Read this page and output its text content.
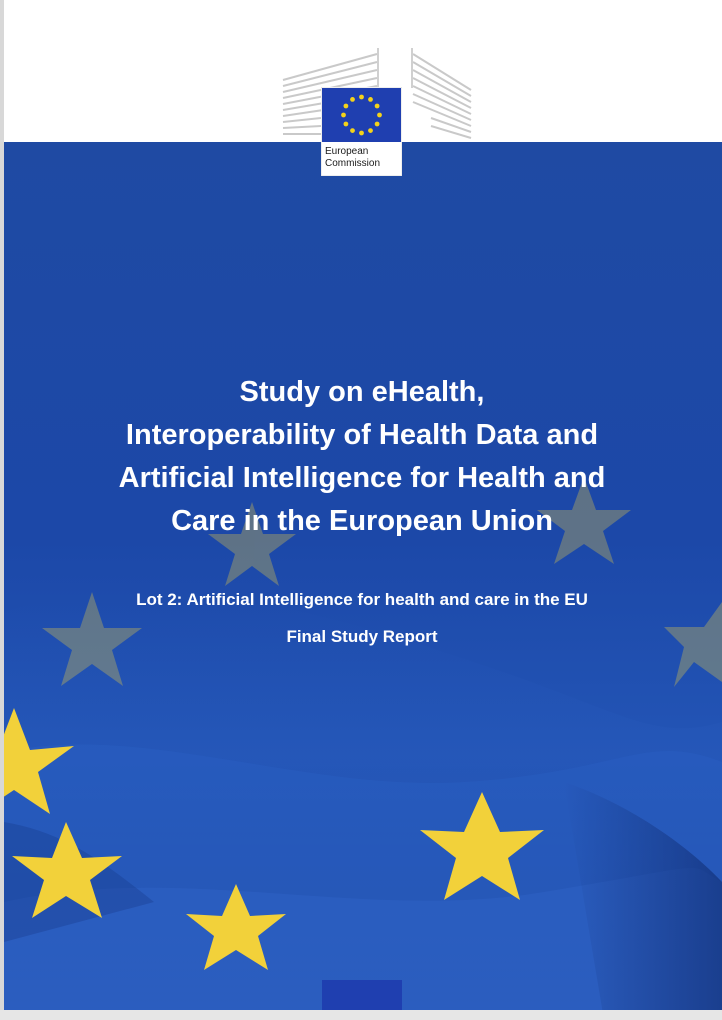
European
Commission
Study on eHealth,
Interoperability of Health Data and
Artificial Intelligence for Health and
Care in the European Union
Lot 2: Artificial Intelligence for health and care in the EU
Final Study Report
